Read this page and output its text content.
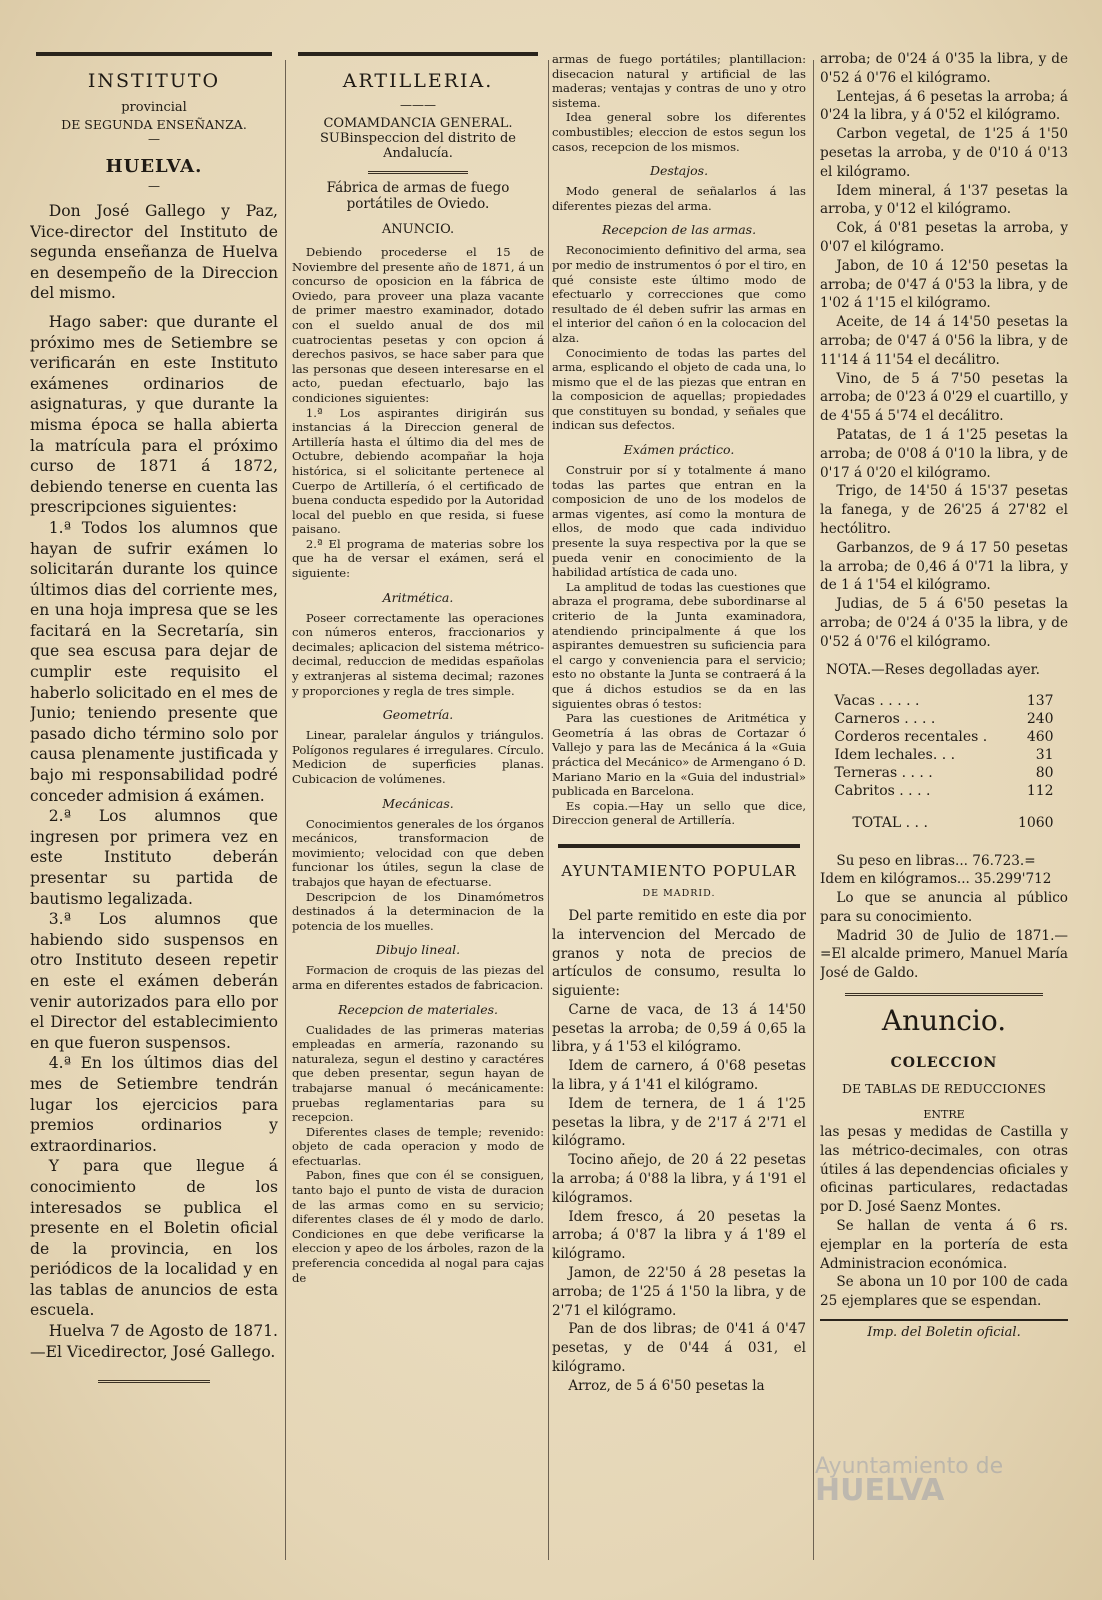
INSTITUTO
provincial
DE SEGUNDA ENSEÑANZA.
—
HUELVA.
—

Don José Gallego y Paz, Vice-director del Instituto de segunda enseñanza de Huelva en desempeño de la Direccion del mismo.

Hago saber: que durante el próximo mes de Setiembre se verificarán en este Instituto exámenes ordinarios de asignaturas, y que durante la misma época se halla abierta la matrícula para el próximo curso de 1871 á 1872, debiendo tenerse en cuenta las prescripciones siguientes:

1.ª Todos los alumnos que hayan de sufrir exámen lo solicitarán durante los quince últimos dias del corriente mes, en una hoja impresa que se les facitará en la Secretaría, sin que sea escusa para dejar de cumplir este requisito el haberlo solicitado en el mes de Junio; teniendo presente que pasado dicho término solo por causa plenamente justificada y bajo mi responsabilidad podré conceder admision á exámen.

2.ª Los alumnos que ingresen por primera vez en este Instituto deberán presentar su partida de bautismo legalizada.

3.ª Los alumnos que habiendo sido suspensos en otro Instituto deseen repetir en este el exámen deberán venir autorizados para ello por el Director del establecimiento en que fueron suspensos.

4.ª En los últimos dias del mes de Setiembre tendrán lugar los ejercicios para premios ordinarios y extraordinarios.

Y para que llegue á conocimiento de los interesados se publica el presente en el Boletin oficial de la provincia, en los periódicos de la localidad y en las tablas de anuncios de esta escuela.

Huelva 7 de Agosto de 1871.—El Vicedirector, José Gallego.

ARTILLERIA.
———
COMAMDANCIA GENERAL. SUBinspeccion del distrito de Andalucía.
Fábrica de armas de fuego portátiles de Oviedo.
ANUNCIO.

Debiendo procederse el 15 de Noviembre del presente año de 1871, á un concurso de oposicion en la fábrica de Oviedo, para proveer una plaza vacante de primer maestro examinador, dotado con el sueldo anual de dos mil cuatrocientas pesetas y con opcion á derechos pasivos, se hace saber para que las personas que deseen interesarse en el acto, puedan efectuarlo, bajo las condiciones siguientes:

1.ª Los aspirantes dirigirán sus instancias á la Direccion general de Artillería hasta el último dia del mes de Octubre, debiendo acompañar la hoja histórica, si el solicitante pertenece al Cuerpo de Artillería, ó el certificado de buena conducta espedido por la Autoridad local del pueblo en que resida, si fuese paisano.

2.ª El programa de materias sobre los que ha de versar el exámen, será el siguiente:

Aritmética.

Poseer correctamente las operaciones con números enteros, fraccionarios y decimales; aplicacion del sistema métrico-decimal, reduccion de medidas españolas y extranjeras al sistema decimal; razones y proporciones y regla de tres simple.

Geometría.

Linear, paralelar ángulos y triángulos. Polígonos regulares é irregulares. Círculo. Medicion de superficies planas. Cubicacion de volúmenes.

Mecánicas.

Conocimientos generales de los órganos mecánicos, transformacion de movimiento; velocidad con que deben funcionar los útiles, segun la clase de trabajos que hayan de efectuarse.

Descripcion de los Dinamómetros destinados á la determinacion de la potencia de los muelles.

Dibujo lineal.

Formacion de croquis de las piezas del arma en diferentes estados de fabricacion.

Recepcion de materiales.

Cualidades de las primeras materias empleadas en armería, razonando su naturaleza, segun el destino y caractéres que deben presentar, segun hayan de trabajarse manual ó mecánicamente: pruebas reglamentarias para su recepcion.

Diferentes clases de temple; revenido: objeto de cada operacion y modo de efectuarlas.

Pabon, fines que con él se consiguen, tanto bajo el punto de vista de duracion de las armas como en su servicio; diferentes clases de él y modo de darlo. Condiciones en que debe verificarse la eleccion y apeo de los árboles, razon de la preferencia concedida al nogal para cajas de

armas de fuego portátiles; plantillacion: disecacion natural y artificial de las maderas; ventajas y contras de uno y otro sistema.

Idea general sobre los diferentes combustibles; eleccion de estos segun los casos, recepcion de los mismos.

Destajos.

Modo general de señalarlos á las diferentes piezas del arma.

Recepcion de las armas.

Reconocimiento definitivo del arma, sea por medio de instrumentos ó por el tiro, en qué consiste este último modo de efectuarlo y correcciones que como resultado de él deben sufrir las armas en el interior del cañon ó en la colocacion del alza.

Conocimiento de todas las partes del arma, esplicando el objeto de cada una, lo mismo que el de las piezas que entran en la composicion de aquellas; propiedades que constituyen su bondad, y señales que indican sus defectos.

Exámen práctico.

Construir por sí y totalmente á mano todas las partes que entran en la composicion de uno de los modelos de armas vigentes, así como la montura de ellos, de modo que cada individuo presente la suya respectiva por la que se pueda venir en conocimiento de la habilidad artística de cada uno.

La amplitud de todas las cuestiones que abraza el programa, debe subordinarse al criterio de la Junta examinadora, atendiendo principalmente á que los aspirantes demuestren su suficiencia para el cargo y conveniencia para el servicio; esto no obstante la Junta se contraerá á la que á dichos estudios se da en las siguientes obras ó testos:

Para las cuestiones de Aritmética y Geometría á las obras de Cortazar ó Vallejo y para las de Mecánica á la «Guia práctica del Mecánico» de Armengano ó D. Mariano Mario en la «Guia del industrial» publicada en Barcelona.

Es copia.—Hay un sello que dice, Direccion general de Artillería.

AYUNTAMIENTO POPULAR
DE MADRID.

Del parte remitido en este dia por la intervencion del Mercado de granos y nota de precios de artículos de consumo, resulta lo siguiente:

Carne de vaca, de 13 á 14'50 pesetas la arroba; de 0,59 á 0,65 la libra, y á 1'53 el kilógramo.

Idem de carnero, á 0'68 pesetas la libra, y á 1'41 el kilógramo.

Idem de ternera, de 1 á 1'25 pesetas la libra, y de 2'17 á 2'71 el kilógramo.

Tocino añejo, de 20 á 22 pesetas la arroba; á 0'88 la libra, y á 1'91 el kilógramos.

Idem fresco, á 20 pesetas la arroba; á 0'87 la libra y á 1'89 el kilógramo.

Jamon, de 22'50 á 28 pesetas la arroba; de 1'25 á 1'50 la libra, y de 2'71 el kilógramo.

Pan de dos libras; de 0'41 á 0'47 pesetas, y de 0'44 á 031, el kilógramo.

Arroz, de 5 á 6'50 pesetas la

arroba; de 0'24 á 0'35 la libra, y de 0'52 á 0'76 el kilógramo.

Lentejas, á 6 pesetas la arroba; á 0'24 la libra, y á 0'52 el kilógramo.

Carbon vegetal, de 1'25 á 1'50 pesetas la arroba, y de 0'10 á 0'13 el kilógramo.

Idem mineral, á 1'37 pesetas la arroba, y 0'12 el kilógramo.

Cok, á 0'81 pesetas la arroba, y 0'07 el kilógramo.

Jabon, de 10 á 12'50 pesetas la arroba; de 0'47 á 0'53 la libra, y de 1'02 á 1'15 el kilógramo.

Aceite, de 14 á 14'50 pesetas la arroba; de 0'47 á 0'56 la libra, y de 11'14 á 11'54 el decálitro.

Vino, de 5 á 7'50 pesetas la arroba; de 0'23 á 0'29 el cuartillo, y de 4'55 á 5'74 el decálitro.

Patatas, de 1 á 1'25 pesetas la arroba; de 0'08 á 0'10 la libra, y de 0'17 á 0'20 el kilógramo.

Trigo, de 14'50 á 15'37 pesetas la fanega, y de 26'25 á 27'82 el hectólitro.

Garbanzos, de 9 á 17 50 pesetas la arroba; de 0,46 á 0'71 la libra, y de 1 á 1'54 el kilógramo.

Judias, de 5 á 6'50 pesetas la arroba; de 0'24 á 0'35 la libra, y de 0'52 á 0'76 el kilógramo.

NOTA.—Reses degolladas ayer.
Vacas . . . . .	137
Carneros . . . .	240
Corderos recentales .	460
Idem lechales. . .	31
Terneras . . . .	80
Cabritos . . . .	112
TOTAL . . .	1060

Su peso en libras... 76.723.=

Idem en kilógramos... 35.299'712

Lo que se anuncia al público para su conocimiento.

Madrid 30 de Julio de 1871.—=El alcalde primero, Manuel María José de Galdo.

Anuncio.
COLECCION
DE TABLAS DE REDUCCIONES
ENTRE

las pesas y medidas de Castilla y las métrico-decimales, con otras útiles á las dependencias oficiales y oficinas particulares, redactadas por D. José Saenz Montes.

Se hallan de venta á 6 rs. ejemplar en la portería de esta Administracion económica.

Se abona un 10 por 100 de cada 25 ejemplares que se espendan.

Imp. del Boletin oficial.
Ayuntamiento de
HUELVA
